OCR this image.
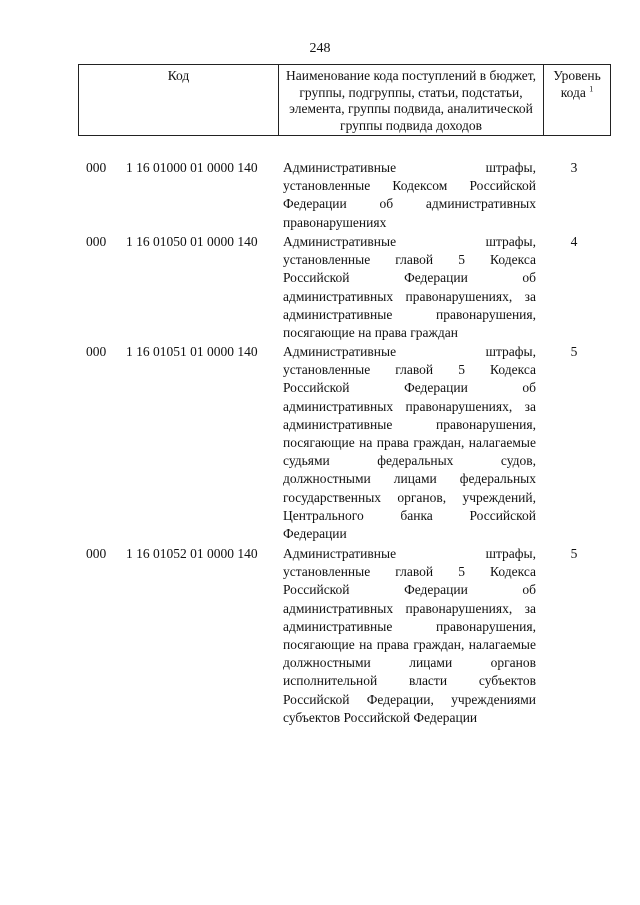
248
Код	Наименование кода поступлений в бюджет, группы, подгруппы, статьи, подстатьи, элемента, группы подвида, аналитической группы подвида доходов
Уровень кода $^1$
000 1 16 01000 01 0000 140 Административные штрафы, установленные Кодексом Российской Федерации об административных правонарушениях
3
000 1 16 01050 01 0000 140 Административные штрафы, установленные главой 5 Кодекса Российской Федерации об административных правонарушениях, за административные правонарушения, посягающие на права граждан
4
000 1 16 01051 01 0000 140 Административные штрафы, установленные главой 5 Кодекса Российской Федерации об административных правонарушениях, за административные правонарушения, посягающие на права граждан, налагаемые судьями федеральных судов, должностными лицами федеральных государственных органов, учреждений, Центрального банка Российской Федерации
5
000 1 16 01052 01 0000 140 Административные штрафы, установленные главой 5 Кодекса Российской Федерации об административных правонарушениях, за административные правонарушения, посягающие на права граждан, налагаемые должностными лицами органов исполнительной власти субъектов Российской Федерации, учреждениями субъектов Российской Федерации
5
